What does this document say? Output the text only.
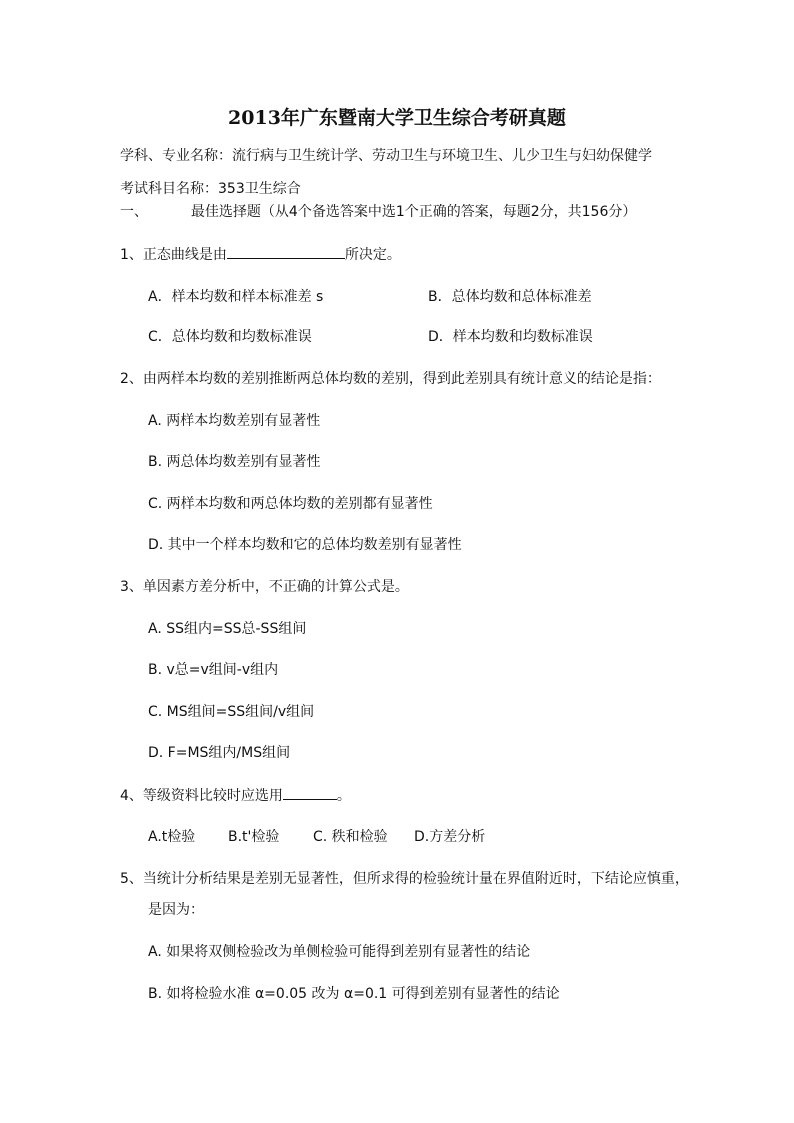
2013年广东暨南大学卫生综合考研真题
学科、专业名称：流行病与卫生统计学、劳动卫生与环境卫生、儿少卫生与妇幼保健学
考试科目名称：353卫生综合
一、	最佳选择题（从4个备选答案中选1个正确的答案，每题2分，共156分）
1、正态曲线是由	所决定。
A．样本均数和样本标准差 s	B．总体均数和总体标准差
C．总体均数和均数标准误	D．样本均数和均数标准误
2、由两样本均数的差别推断两总体均数的差别，得到此差别具有统计意义的结论是指：
A. 两样本均数差别有显著性
B. 两总体均数差别有显著性
C. 两样本均数和两总体均数的差别都有显著性
D. 其中一个样本均数和它的总体均数差别有显著性
3、单因素方差分析中，不正确的计算公式是。
A. SS组内=SS总-SS组间
B. v总=v组间-v组内
C. MS组间=SS组间/v组间
D. F=MS组内/MS组间
4、等级资料比较时应选用	。
A.t检验 B.t'检验 C. 秩和检验 D.方差分析
5、当统计分析结果是差别无显著性，但所求得的检验统计量在界值附近时，下结论应慎重，
是因为：
A. 如果将双侧检验改为单侧检验可能得到差别有显著性的结论
B. 如将检验水准 α=0.05 改为 α=0.1 可得到差别有显著性的结论
